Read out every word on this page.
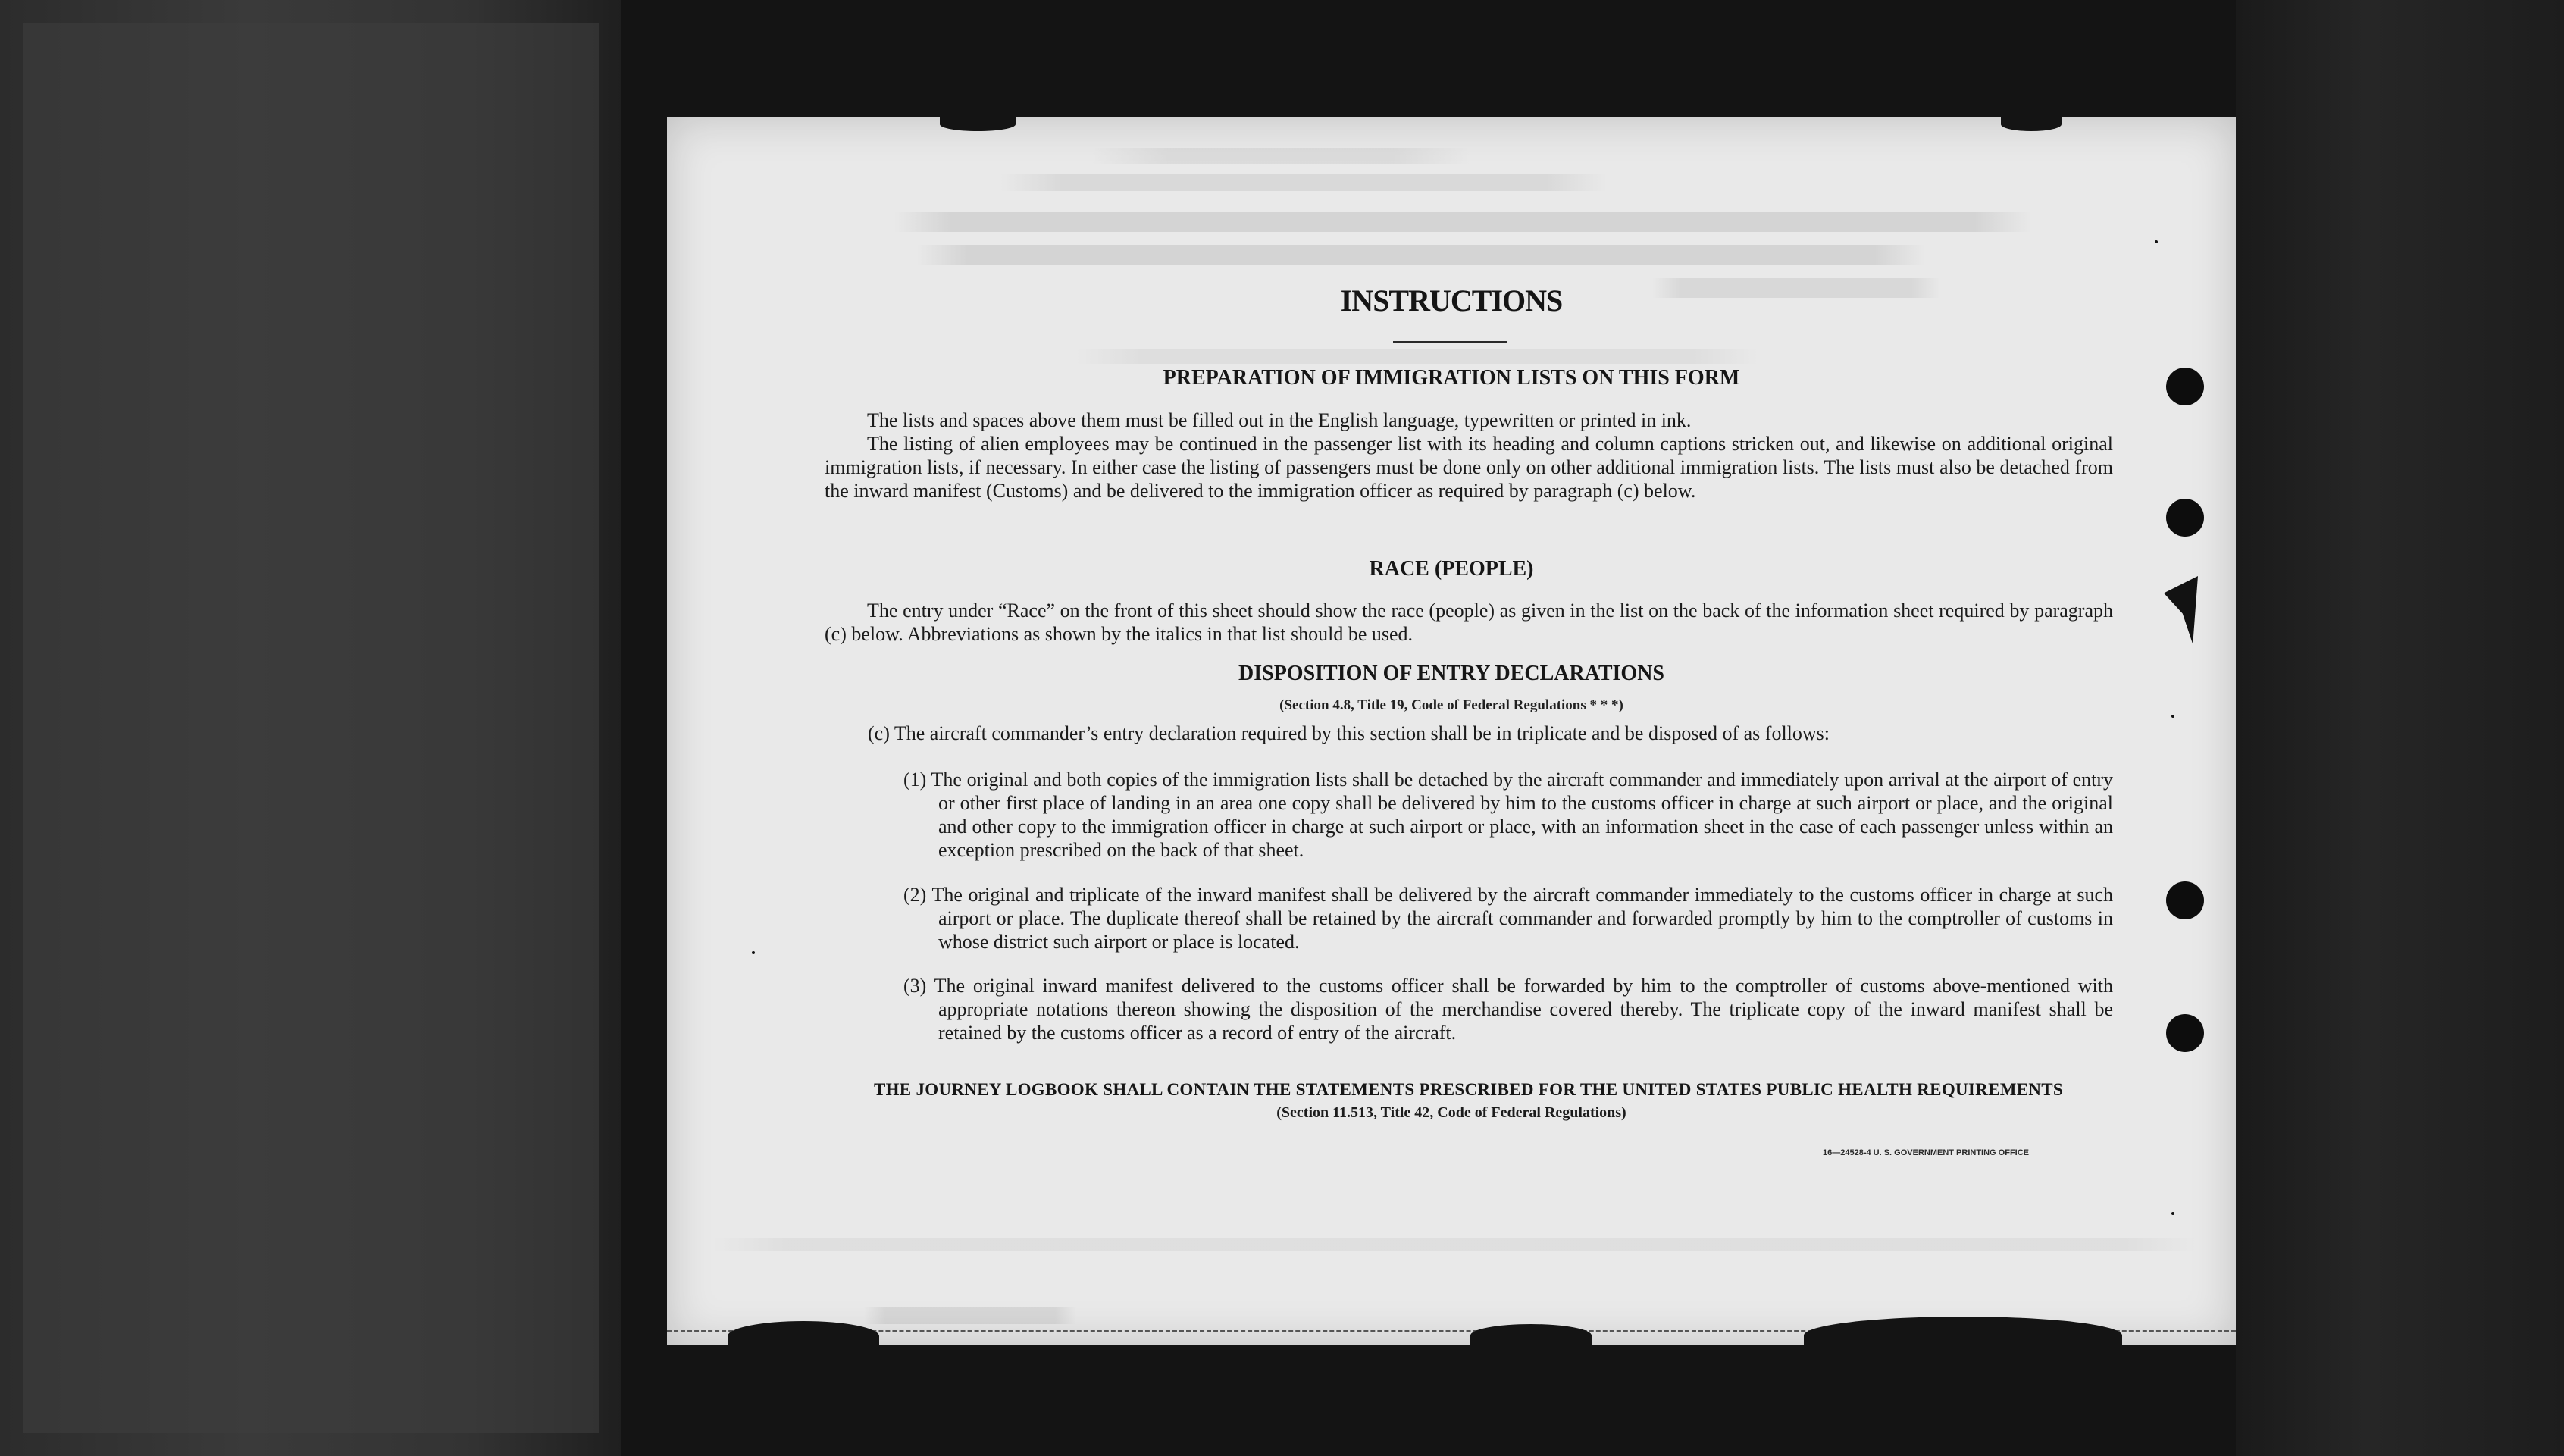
INSTRUCTIONS
PREPARATION OF IMMIGRATION LISTS ON THIS FORM
The lists and spaces above them must be filled out in the English language, typewritten or printed in ink.
The listing of alien employees may be continued in the passenger list with its heading and column captions stricken out, and likewise on additional original immigration lists, if necessary. In either case the listing of passengers must be done only on other additional immigration lists. The lists must also be detached from the inward manifest (Customs) and be delivered to the immigration officer as required by paragraph (c) below.
RACE (PEOPLE)
The entry under “Race” on the front of this sheet should show the race (people) as given in the list on the back of the information sheet required by paragraph (c) below. Abbreviations as shown by the italics in that list should be used.
DISPOSITION OF ENTRY DECLARATIONS
(Section 4.8, Title 19, Code of Federal Regulations * * *)
(c) The aircraft commander’s entry declaration required by this section shall be in triplicate and be disposed of as follows:
(1) The original and both copies of the immigration lists shall be detached by the aircraft commander and immediately upon arrival at the airport of entry or other first place of landing in an area one copy shall be delivered by him to the customs officer in charge at such airport or place, and the original and other copy to the immigration officer in charge at such airport or place, with an information sheet in the case of each passenger unless within an exception prescribed on the back of that sheet.
(2) The original and triplicate of the inward manifest shall be delivered by the aircraft commander immediately to the customs officer in charge at such airport or place. The duplicate thereof shall be retained by the aircraft commander and forwarded promptly by him to the comptroller of customs in whose district such airport or place is located.
(3) The original inward manifest delivered to the customs officer shall be forwarded by him to the comptroller of customs above-mentioned with appropriate notations thereon showing the disposition of the merchandise covered thereby. The triplicate copy of the inward manifest shall be retained by the customs officer as a record of entry of the aircraft.
THE JOURNEY LOGBOOK SHALL CONTAIN THE STATEMENTS PRESCRIBED FOR THE UNITED STATES PUBLIC HEALTH REQUIREMENTS
(Section 11.513, Title 42, Code of Federal Regulations)
16—24528-4 U. S. GOVERNMENT PRINTING OFFICE
